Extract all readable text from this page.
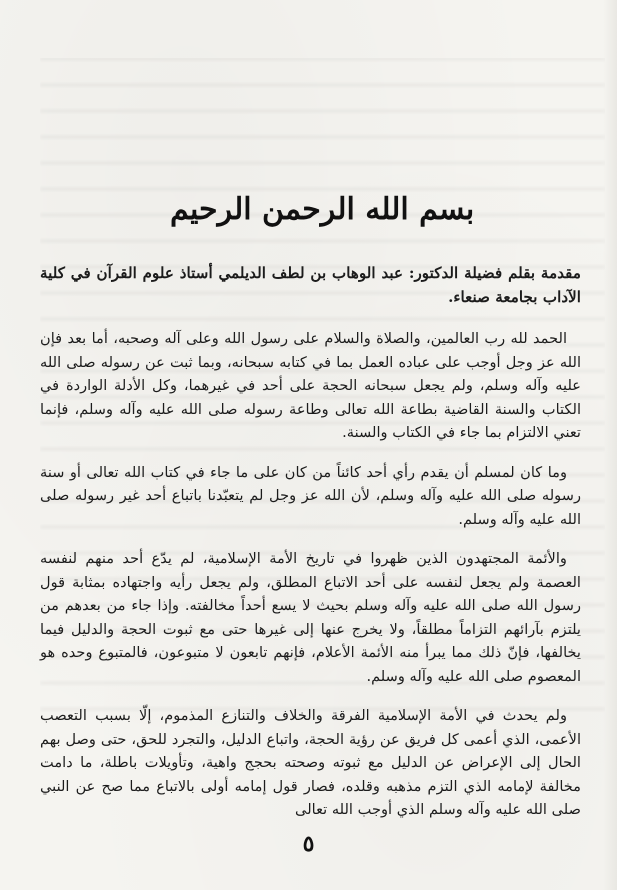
بسم الله الرحمن الرحيم

مقدمة بقلم فضيلة الدكتور: عبد الوهاب بن لطف الديلمي أستاذ علوم القرآن في كلية الآداب بجامعة صنعاء.

الحمد لله رب العالمين، والصلاة والسلام على رسول الله وعلى آله وصحبه، أما بعد فإن الله عز وجل أوجب على عباده العمل بما في كتابه سبحانه، وبما ثبت عن رسوله صلى الله عليه وآله وسلم، ولم يجعل سبحانه الحجة على أحد في غيرهما، وكل الأدلة الواردة في الكتاب والسنة القاضية بطاعة الله تعالى وطاعة رسوله صلى الله عليه وآله وسلم، فإنما تعني الالتزام بما جاء في الكتاب والسنة.

وما كان لمسلم أن يقدم رأي أحد كائناً من كان على ما جاء في كتاب الله تعالى أو سنة رسوله صلى الله عليه وآله وسلم، لأن الله عز وجل لم يتعبّدنا باتباع أحد غير رسوله صلى الله عليه وآله وسلم.

والأئمة المجتهدون الذين ظهروا في تاريخ الأمة الإسلامية، لم يدّع أحد منهم لنفسه العصمة ولم يجعل لنفسه على أحد الاتباع المطلق، ولم يجعل رأيه واجتهاده بمثابة قول رسول الله صلى الله عليه وآله وسلم بحيث لا يسع أحداً مخالفته. وإذا جاء من بعدهم من يلتزم بآرائهم التزاماً مطلقاً، ولا يخرج عنها إلى غيرها حتى مع ثبوت الحجة والدليل فيما يخالفها، فإنّ ذلك مما يبرأ منه الأئمة الأعلام، فإنهم تابعون لا متبوعون، فالمتبوع وحده هو المعصوم صلى الله عليه وآله وسلم.

ولم يحدث في الأمة الإسلامية الفرقة والخلاف والتنازع المذموم، إلّا بسبب التعصب الأعمى، الذي أعمى كل فريق عن رؤية الحجة، واتباع الدليل، والتجرد للحق، حتى وصل بهم الحال إلى الإعراض عن الدليل مع ثبوته وصحته بحجج واهية، وتأويلات باطلة، ما دامت مخالفة لإمامه الذي التزم مذهبه وقلده، فصار قول إمامه أولى بالاتباع مما صح عن النبي صلى الله عليه وآله وسلم الذي أوجب الله تعالى

٥
